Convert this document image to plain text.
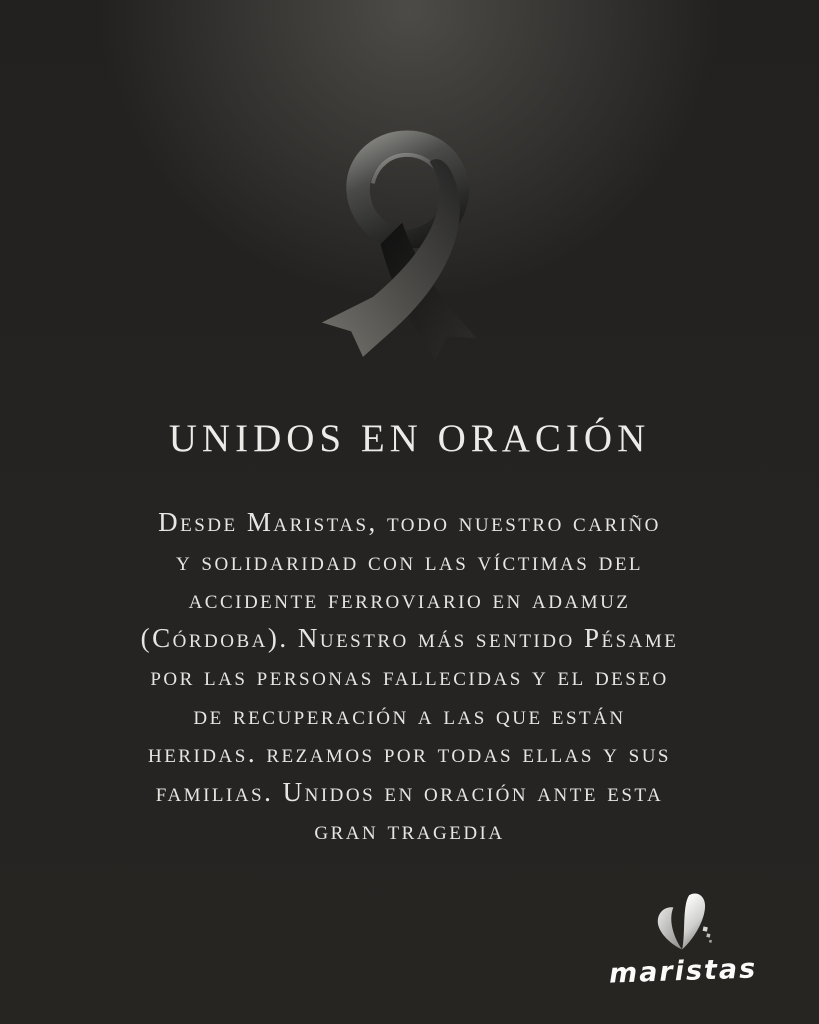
UNIDOS EN ORACIÓN
Desde Maristas, todo nuestro cariño
y solidaridad con las víctimas del
accidente ferroviario en adamuz
(Córdoba). Nuestro más sentido Pésame
por las personas fallecidas y el deseo
de recuperación a las que están
heridas. rezamos por todas ellas y sus
familias. Unidos en oración ante esta
gran tragedia
maristas
